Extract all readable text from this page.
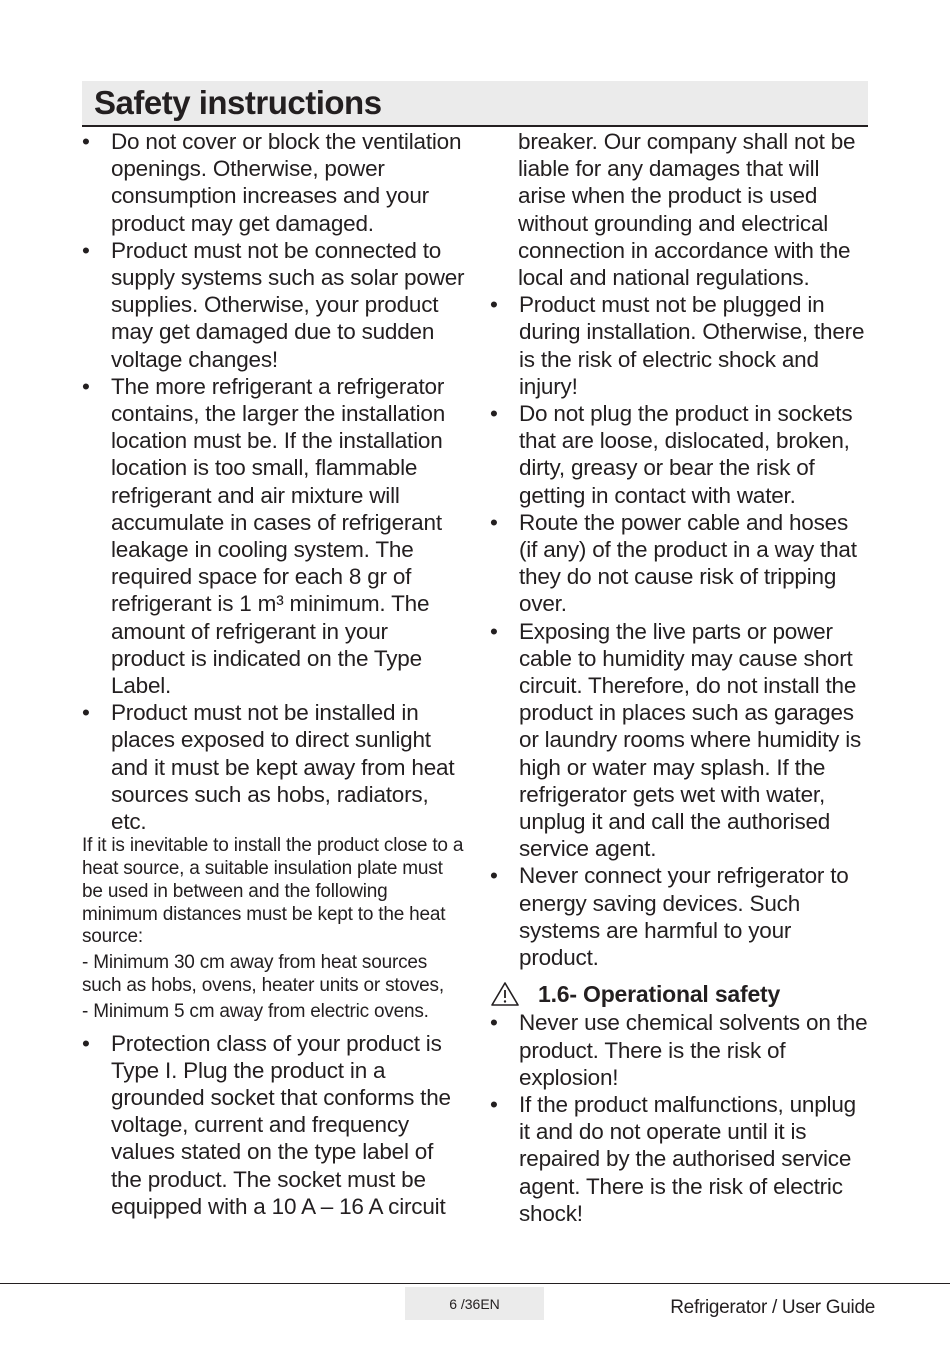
Safety instructions
• Do not cover or block the ventilation openings. Otherwise, power consumption increases and your product may get damaged.
• Product must not be connected to supply systems such as solar power supplies. Otherwise, your product may get damaged due to sudden voltage changes!
• The more refrigerant a refrigerator contains, the larger the installation location must be. If the installation location is too small, flammable refrigerant and air mixture will accumulate in cases of refrigerant leakage in cooling system. The required space for each 8 gr of refrigerant is 1 m³ minimum. The amount of refrigerant in your product is indicated on the Type Label.
• Product must not be installed in places exposed to direct sunlight and it must be kept away from heat sources such as hobs, radiators, etc.

If it is inevitable to install the product close to a heat source, a suitable insulation plate must be used in between and the following minimum distances must be kept to the heat source:

- Minimum 30 cm away from heat sources such as hobs, ovens, heater units or stoves,

- Minimum 5 cm away from electric ovens.

• Protection class of your product is Type I. Plug the product in a grounded socket that conforms the voltage, current and frequency values stated on the type label of the product. The socket must be equipped with a 10 A – 16 A circuit

breaker. Our company shall not be liable for any damages that will arise when the product is used without grounding and electrical connection in accordance with the local and national regulations.

• Product must not be plugged in during installation. Otherwise, there is the risk of electric shock and injury!
• Do not plug the product in sockets that are loose, dislocated, broken, dirty, greasy or bear the risk of getting in contact with water.
• Route the power cable and hoses (if any) of the product in a way that they do not cause risk of tripping over.
• Exposing the live parts or power cable to humidity may cause short circuit. Therefore, do not install the product in places such as garages or laundry rooms where humidity is high or water may splash. If the refrigerator gets wet with water, unplug it and call the authorised service agent.
• Never connect your refrigerator to energy saving devices. Such systems are harmful to your product.
1.6- Operational safety
• Never use chemical solvents on the product. There is the risk of explosion!
• If the product malfunctions, unplug it and do not operate until it is repaired by the authorised service agent. There is the risk of electric shock!
6 /36EN	Refrigerator / User Guide
